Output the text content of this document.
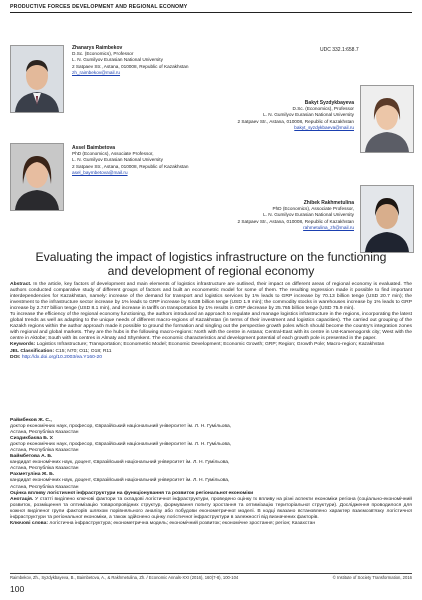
PRODUCTIVE FORCES DEVELOPMENT AND REGIONAL ECONOMY
Zhanarys Raimbekov
D.Sc. (Economics), Professor
L. N. Gumilyov Eurasian National University
2 Satpaev Str., Astana, 010008, Republic of Kazakhstan
zh_raimbekov@mail.ru
UDC 332.1:658.7
Bakyt Syzdykbayeva
D.Sc. (Economics), Professor
L. N. Gumilyov Eurasian National University
2 Satpaev Str., Astana, 010008, Republic of Kazakhstan
bakyt_syzdykbaeva@mail.ru
Assel Baimbetova
PhD (Economics), Associate Professor,
L. N. Gumilyov Eurasian National University
2 Satpaev Str., Astana, 010008, Republic of Kazakhstan
asel_baymbetova@mail.ru
Zhibek Rakhmetulina
PhD (Economics), Associate Professor,
L. N. Gumilyov Eurasian National University
2 Satpaev Str., Astana, 010008, Republic of Kazakhstan
rahmetulina_zh@mail.ru
Evaluating the impact of logistics infrastructure on the functioning and development of regional economy
Abstract. In the article, key factors of development and main elements of logistics infrastructure are outlined, their impact on different areas of regional economy is evaluated. The authors conducted comparative study of different groups of factors and built an econometric model for some of them. The resulting regression made it possible to find important interdependencies for Kazakhstan, namely: increase of the demand for transport and logistics services by 1% leads to GRP increase by 70.13 billion tenge (USD 20.7 min); the investment to the infrastructure sector increase by 1% leads to GRP increase by 6.638 billion tenge (USD 1.9 min); the commodity stocks in warehouses increase by 1% leads to GRP increase by 2.747 billion tenge (USD 8.1 min), and increase in tariffs on transportation by 1% results in GRP decrease by 25.765 billion tenge (USD 75.9 min).
To increase the efficiency of the regional economy functioning, the authors introduced an approach to regulate and manage logistics infrastructure in the regions, incorporating the latest global trends as well as adapting to the unique needs of different macro-regions of Kazakhstan (in terms of their investment and logistics capacities). The carried out grouping of the Kazakh regions within the author approach made it possible to ground the formation and singling out the perspective growth poles which should become the country's integration zones with regional and global markets. They are the hubs in the following macro-regions: North with the centre in Astana; Central-East with its centre in Ust-Kamenogorsk city; West with the centre in Aktobe; South with its centres in Almaty and Shymkent. The economic characteristics and development potential of each growth pole is presented in the paper.
Keywords: Logistics Infrastructure; Transportation; Econometric Model; Economic Development; Economic Growth; GRP; Region; Growth Pole; Macro-region; Kazakhstan
JEL Classification: C15; N70; O11; O18; R11
DOI: http://dx.doi.org/10.2003/ea.Y160-20
Раймбеков Ж. С.,
доктор економічних наук, професор, Євразійський національний університет ім. Л. Н. Гумільова,
Астана, Республіка Казахстан
Сиздикбаєва Б. У.
доктор економічних наук, професор, Євразійський національний університет ім. Л. Н. Гумільова,
Астана, Республіка Казахстан
Баймбетова А. Б.
кандидат економічних наук, доцент, Євразійський національний університет ім. Л. Н. Гумільова,
Астана, Республіка Казахстан
Рахметуліна Ж. Б.
кандидат економічних наук, доцент, Євразійський національний університет ім. Л. Н. Гумільова,
Астана, Республіка Казахстан
Оцінка впливу логістичної інфраструктури на функціонування та розвиток регіональної економіки
Анотація. У статті виділено ключові фактори та складові логістичної інфраструктури, проведено оцінку їх впливу на різні аспекти економіки регіона (соціально-економічний розвиток, розміщення та оптимізацію товаропровідних структур, формування попиту зростання та оптимізацію територіальної структури). Дослідження проводилося для кожної виділеної групи факторів шляхом порівняльного аналізу або побудови економетричної моделі. В кодці вказано встановлено характер взаємозв'язку логістичної інфраструктури та регіональної економіки, а також здійснено оцінку логістичної інфраструктури в залежності від визначених факторів.
Ключові слова: логістична інфраструктура; економетрична модель; економічний розвиток; економічне зростання; регіон; Казахстан
Raimbekov, Zh., Syzdykbayeva, B., Baimbetova, A., & Rakhmetulina, Zh. / Economic Annals-XXI (2016), 160(7-8), 100-104	© Institute of Society Transformation, 2016
100
